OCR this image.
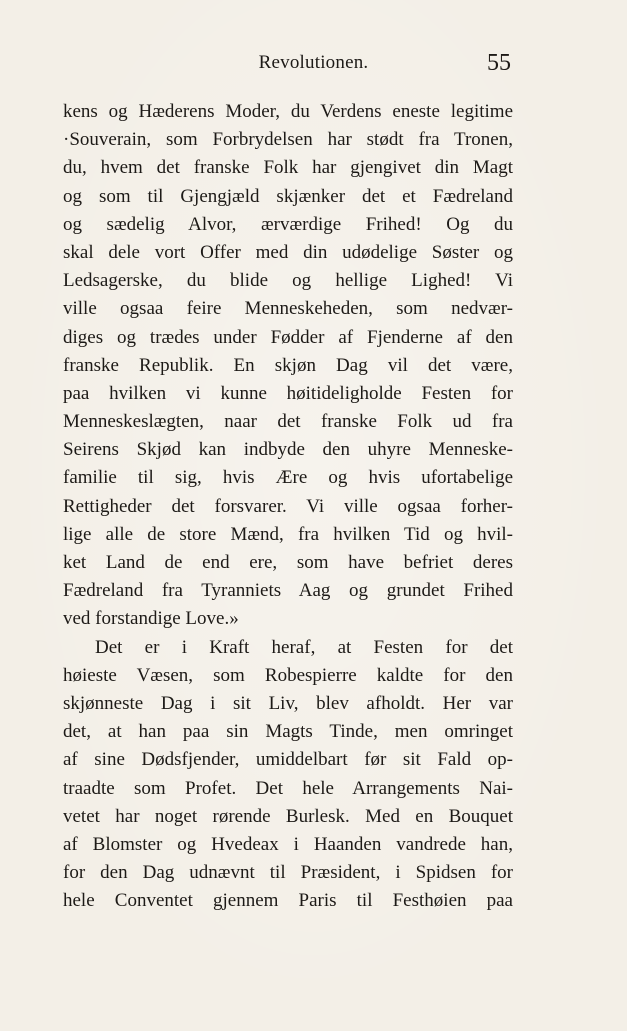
Revolutionen.	55
kens og Hæderens Moder, du Verdens eneste legitime
·Souverain, som Forbrydelsen har stødt fra Tronen,
du, hvem det franske Folk har gjengivet din Magt
og som til Gjengjæld skjænker det et Fædreland
og sædelig Alvor, ærværdige Frihed! Og du
skal dele vort Offer med din udødelige Søster og
Ledsagerske, du blide og hellige Lighed! Vi
ville ogsaa feire Menneskeheden, som nedvær-
diges og trædes under Fødder af Fjenderne af den
franske Republik. En skjøn Dag vil det være,
paa hvilken vi kunne høitideligholde Festen for
Menneskeslægten, naar det franske Folk ud fra
Seirens Skjød kan indbyde den uhyre Menneske-
familie til sig, hvis Ære og hvis ufortabelige
Rettigheder det forsvarer. Vi ville ogsaa forher-
lige alle de store Mænd, fra hvilken Tid og hvil-
ket Land de end ere, som have befriet deres
Fædreland fra Tyranniets Aag og grundet Frihed
ved forstandige Love.»
Det er i Kraft heraf, at Festen for det
høieste Væsen, som Robespierre kaldte for den
skjønneste Dag i sit Liv, blev afholdt. Her var
det, at han paa sin Magts Tinde, men omringet
af sine Dødsfjender, umiddelbart før sit Fald op-
traadte som Profet. Det hele Arrangements Nai-
vetet har noget rørende Burlesk. Med en Bouquet
af Blomster og Hvedeax i Haanden vandrede han,
for den Dag udnævnt til Præsident, i Spidsen for
hele Conventet gjennem Paris til Festhøien paa
